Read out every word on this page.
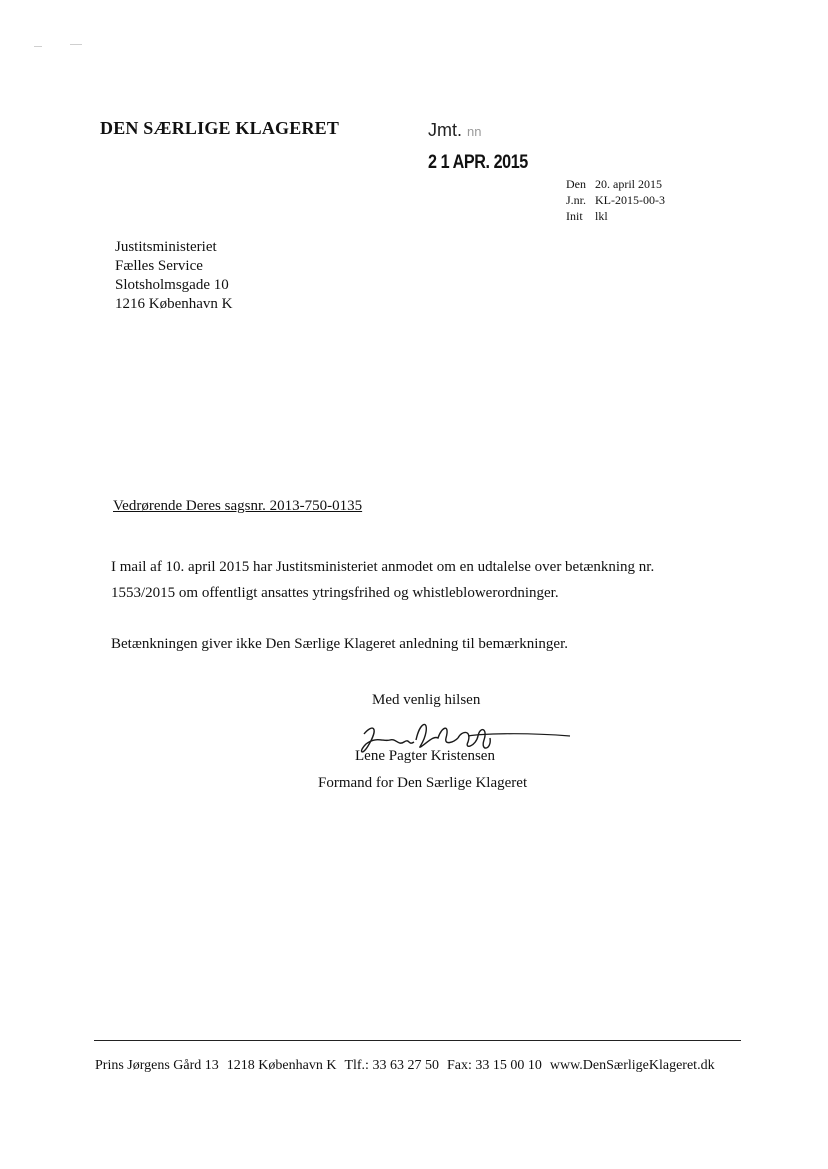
DEN SÆRLIGE KLAGERET	Jmt. nn
2 1 APR. 2015
Den 20. april 2015
J.nr. KL-2015-00-3
Init lkl
Justitsministeriet
Fælles Service
Slotsholmsgade 10
1216 København K
Vedrørende Deres sagsnr. 2013-750-0135
I mail af 10. april 2015 har Justitsministeriet anmodet om en udtalelse over betænkning nr.
1553/2015 om offentligt ansattes ytringsfrihed og whistleblowerordninger.
Betænkningen giver ikke Den Særlige Klageret anledning til bemærkninger.
Med venlig hilsen
Lene Pagter Kristensen
Formand for Den Særlige Klageret
Prins Jørgens Gård 13 1218 København K Tlf.: 33 63 27 50 Fax: 33 15 00 10 www.DenSærligeKlageret.dk
